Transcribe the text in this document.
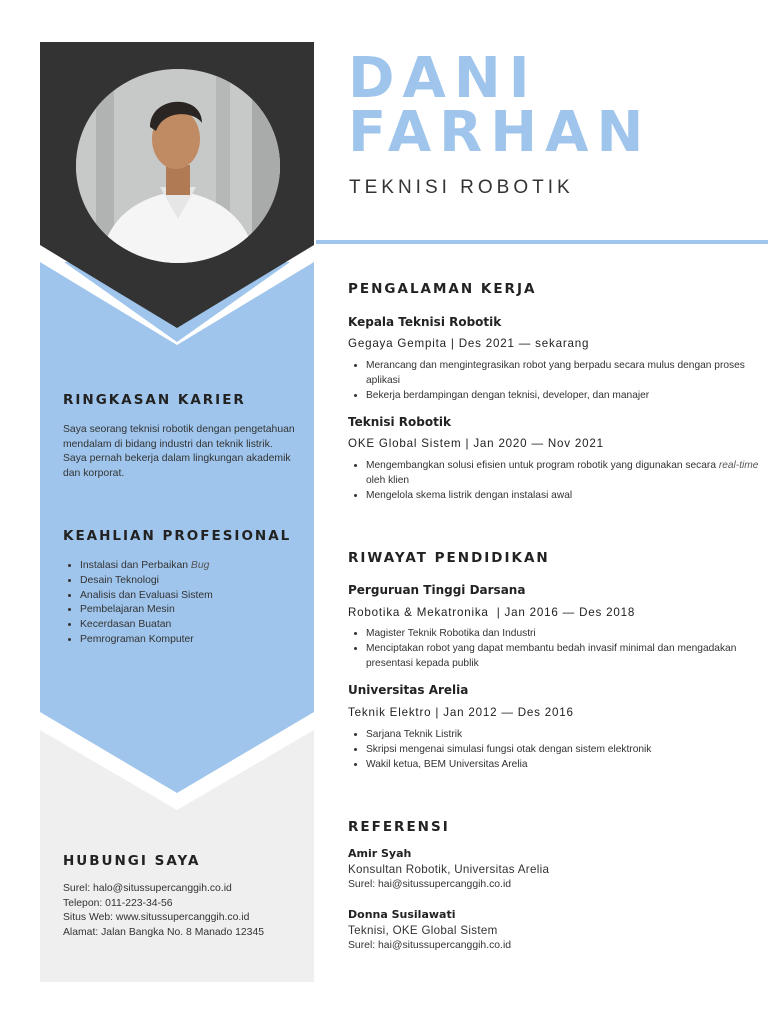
DANI
FARHAN
TEKNISI ROBOTIK
RINGKASAN KARIER
Saya seorang teknisi robotik dengan pengetahuan mendalam di bidang industri dan teknik listrik. Saya pernah bekerja dalam lingkungan akademik dan korporat.
KEAHLIAN PROFESIONAL
• Instalasi dan Perbaikan Bug
• Desain Teknologi
• Analisis dan Evaluasi Sistem
• Pembelajaran Mesin
• Kecerdasan Buatan
• Pemrograman Komputer
HUBUNGI SAYA
Surel: halo@situssupercanggih.co.id
Telepon: 011-223-34-56
Situs Web: www.situssupercanggih.co.id
Alamat: Jalan Bangka No. 8 Manado 12345
PENGALAMAN KERJA
Kepala Teknisi Robotik
Gegaya Gempita | Des 2021 — sekarang
• Merancang dan mengintegrasikan robot yang berpadu secara mulus dengan proses aplikasi
• Bekerja berdampingan dengan teknisi, developer, dan manajer
Teknisi Robotik
OKE Global Sistem | Jan 2020 — Nov 2021
• Mengembangkan solusi efisien untuk program robotik yang digunakan secara real-time oleh klien
• Mengelola skema listrik dengan instalasi awal
RIWAYAT PENDIDIKAN
Perguruan Tinggi Darsana
Robotika & Mekatronika  | Jan 2016 — Des 2018
• Magister Teknik Robotika dan Industri
• Menciptakan robot yang dapat membantu bedah invasif minimal dan mengadakan presentasi kepada publik
Universitas Arelia
Teknik Elektro | Jan 2012 — Des 2016
• Sarjana Teknik Listrik
• Skripsi mengenai simulasi fungsi otak dengan sistem elektronik
• Wakil ketua, BEM Universitas Arelia
REFERENSI
Amir Syah
Konsultan Robotik, Universitas Arelia
Surel: hai@situssupercanggih.co.id
Donna Susilawati
Teknisi, OKE Global Sistem
Surel: hai@situssupercanggih.co.id
